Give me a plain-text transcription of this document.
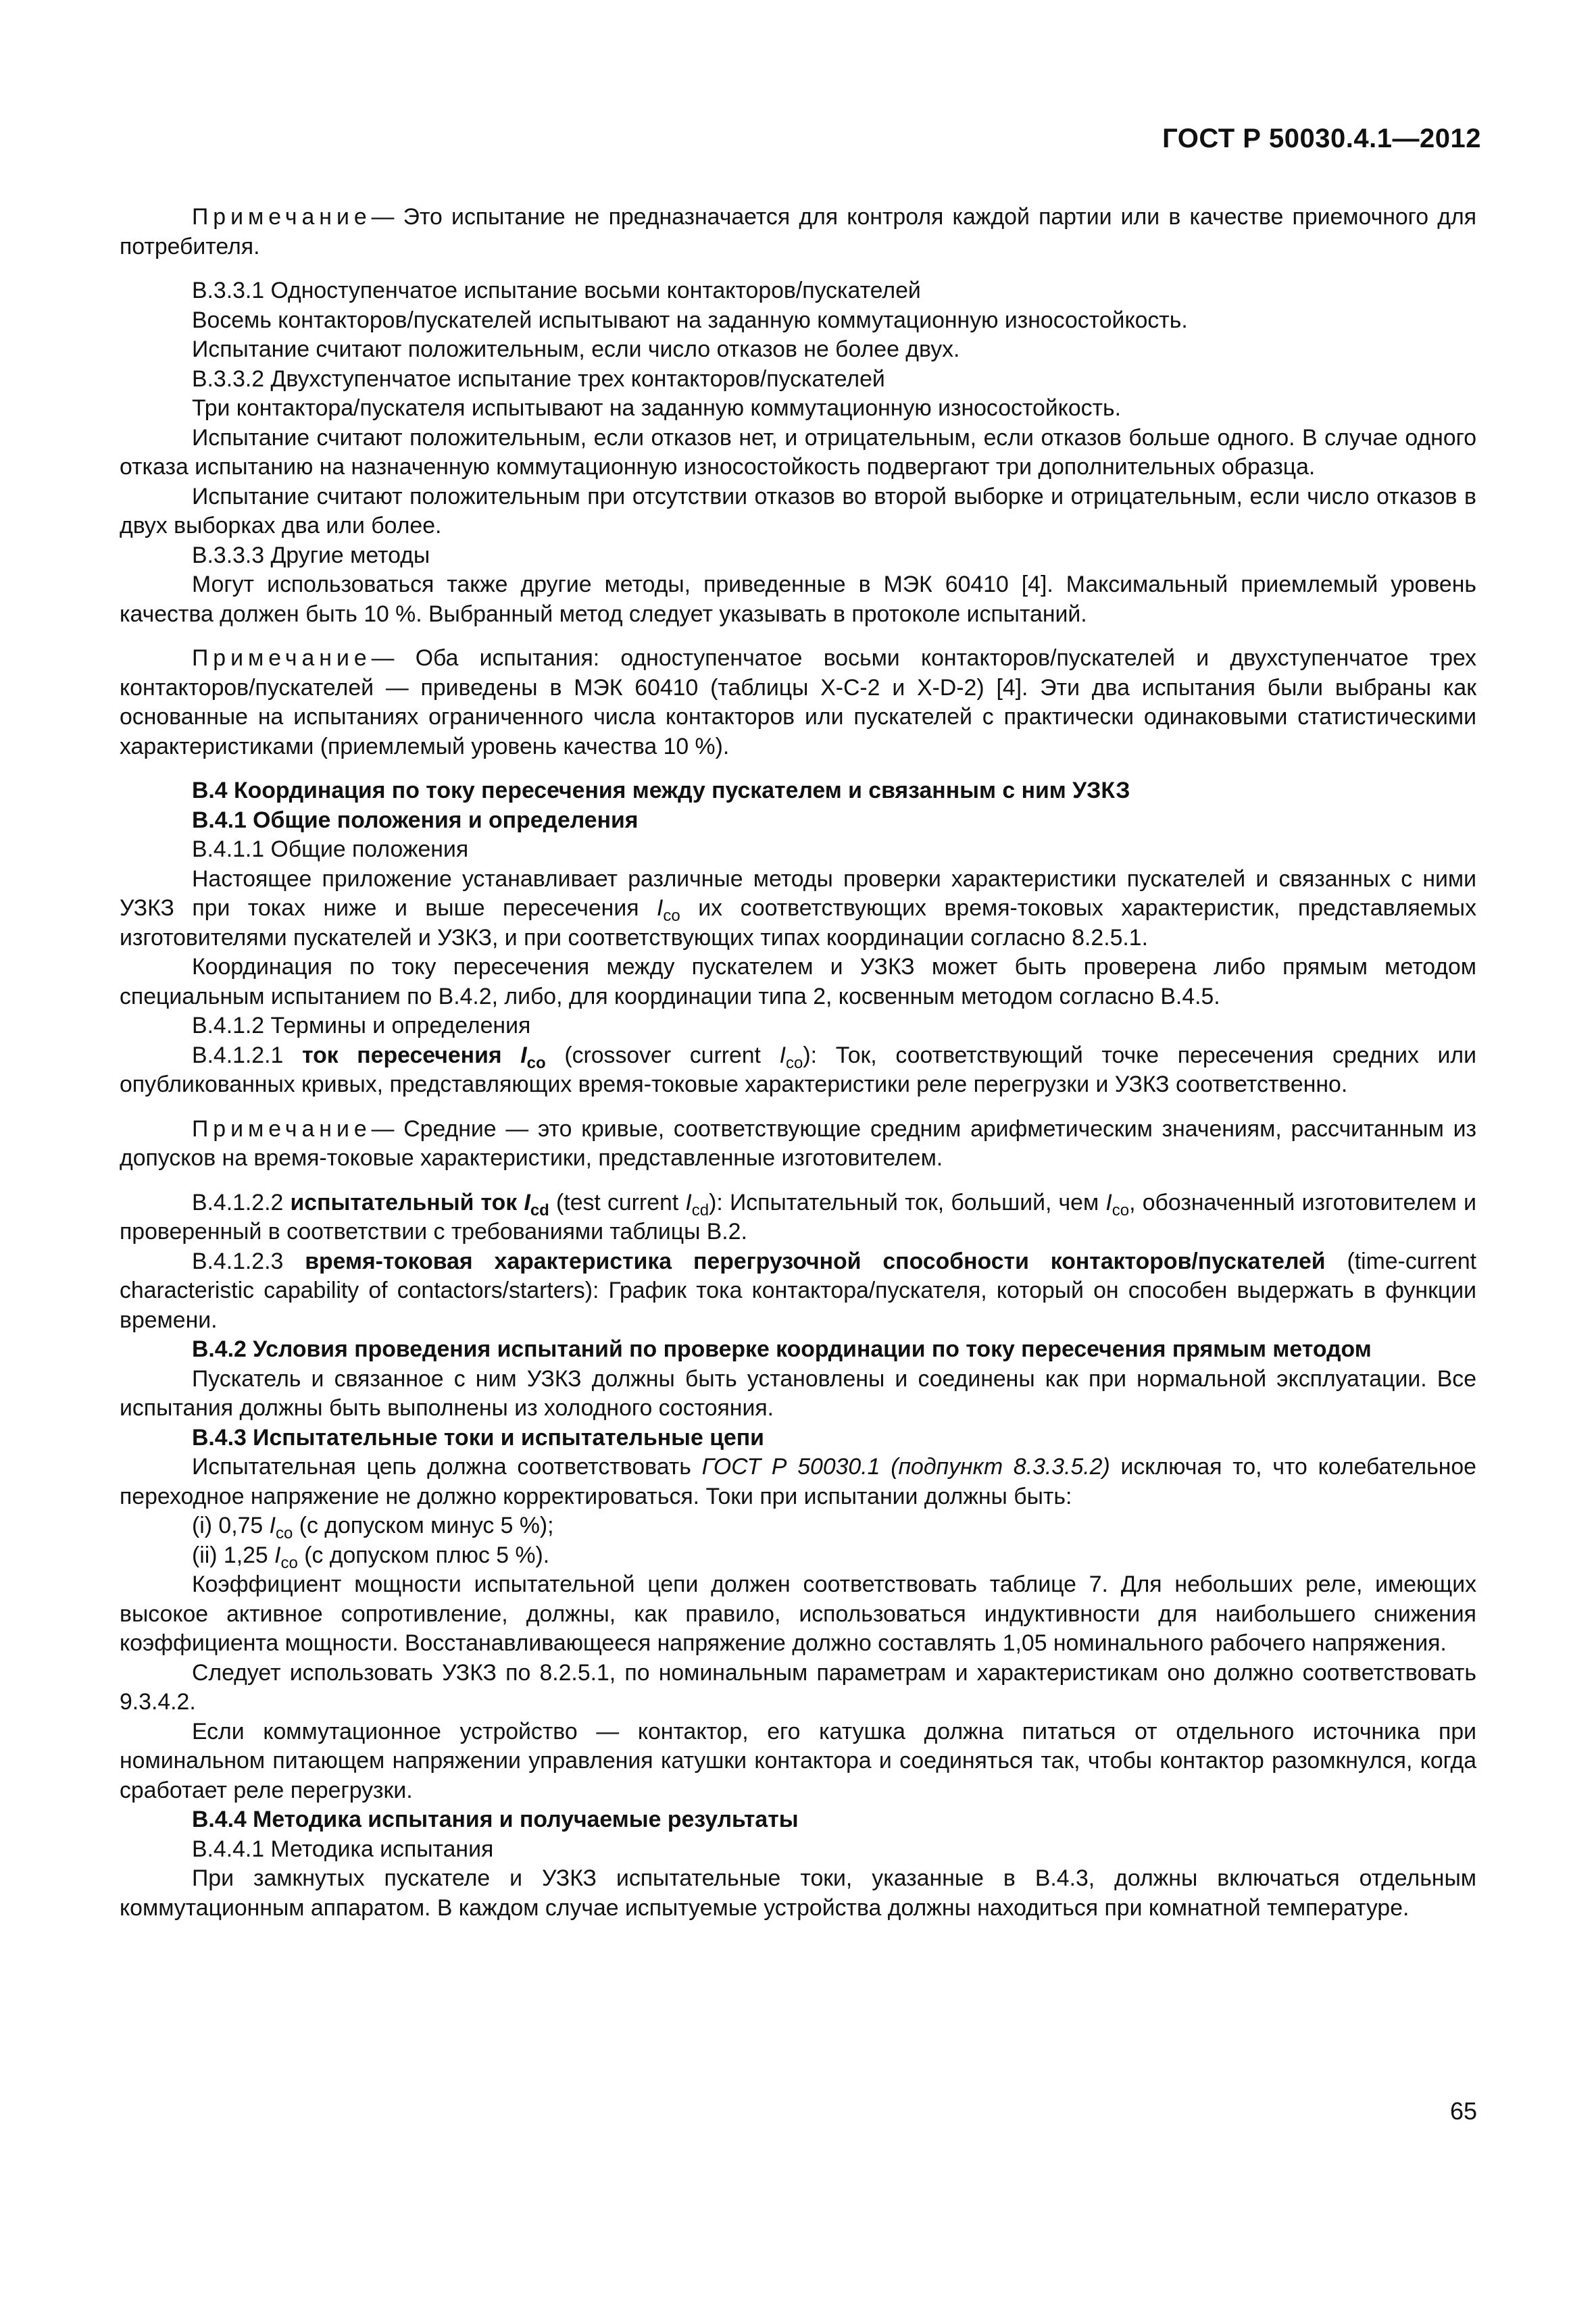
ГОСТ Р 50030.4.1—2012

Примечание— Это испытание не предназначается для контроля каждой партии или в качестве приемочного для потребителя.

В.3.3.1 Одноступенчатое испытание восьми контакторов/пускателей

Восемь контакторов/пускателей испытывают на заданную коммутационную износостойкость.

Испытание считают положительным, если число отказов не более двух.

В.3.3.2 Двухступенчатое испытание трех контакторов/пускателей

Три контактора/пускателя испытывают на заданную коммутационную износостойкость.

Испытание считают положительным, если отказов нет, и отрицательным, если отказов больше одного. В случае одного отказа испытанию на назначенную коммутационную износостойкость подвергают три дополнительных образца.

Испытание считают положительным при отсутствии отказов во второй выборке и отрицательным, если число отказов в двух выборках два или более.

В.3.3.3 Другие методы

Могут использоваться также другие методы, приведенные в МЭК 60410 [4]. Максимальный приемлемый уровень качества должен быть 10 %. Выбранный метод следует указывать в протоколе испытаний.

Примечание— Оба испытания: одноступенчатое восьми контакторов/пускателей и двухступенчатое трех контакторов/пускателей — приведены в МЭК 60410 (таблицы X-C-2 и X-D-2) [4]. Эти два испытания были выбраны как основанные на испытаниях ограниченного числа контакторов или пускателей с практически одинаковыми статистическими характеристиками (приемлемый уровень качества 10 %).

В.4 Координация по току пересечения между пускателем и связанным с ним УЗКЗ

В.4.1 Общие положения и определения

В.4.1.1 Общие положения

Настоящее приложение устанавливает различные методы проверки характеристики пускателей и связанных с ними УЗКЗ при токах ниже и выше пересечения $I_{co}$ их соответствующих время-токовых характеристик, представляемых изготовителями пускателей и УЗКЗ, и при соответствующих типах координации согласно 8.2.5.1.

Координация по току пересечения между пускателем и УЗКЗ может быть проверена либо прямым методом специальным испытанием по В.4.2, либо, для координации типа 2, косвенным методом согласно В.4.5.

В.4.1.2 Термины и определения

В.4.1.2.1 ток пересечения $I_{co}$ (crossover current $I_{co}$): Ток, соответствующий точке пересечения средних или опубликованных кривых, представляющих время-токовые характеристики реле перегрузки и УЗКЗ соответственно.

Примечание— Средние — это кривые, соответствующие средним арифметическим значениям, рассчитанным из допусков на время-токовые характеристики, представленные изготовителем.

В.4.1.2.2 испытательный ток $I_{cd}$ (test current $I_{cd}$): Испытательный ток, больший, чем $I_{co}$, обозначенный изготовителем и проверенный в соответствии с требованиями таблицы В.2.

В.4.1.2.3 время-токовая характеристика перегрузочной способности контакторов/пускателей (time-current characteristic capability of contactors/starters): График тока контактора/пускателя, который он способен выдержать в функции времени.

В.4.2 Условия проведения испытаний по проверке координации по току пересечения прямым методом

Пускатель и связанное с ним УЗКЗ должны быть установлены и соединены как при нормальной эксплуатации. Все испытания должны быть выполнены из холодного состояния.

В.4.3 Испытательные токи и испытательные цепи

Испытательная цепь должна соответствовать ГОСТ Р 50030.1 (подпункт 8.3.3.5.2) исключая то, что колебательное переходное напряжение не должно корректироваться. Токи при испытании должны быть:

(i) 0,75 $I_{co}$ (с допуском минус 5 %);

(ii) 1,25 $I_{co}$ (с допуском плюс 5 %).

Коэффициент мощности испытательной цепи должен соответствовать таблице 7. Для небольших реле, имеющих высокое активное сопротивление, должны, как правило, использоваться индуктивности для наибольшего снижения коэффициента мощности. Восстанавливающееся напряжение должно составлять 1,05 номинального рабочего напряжения.

Следует использовать УЗКЗ по 8.2.5.1, по номинальным параметрам и характеристикам оно должно соответствовать 9.3.4.2.

Если коммутационное устройство — контактор, его катушка должна питаться от отдельного источника при номинальном питающем напряжении управления катушки контактора и соединяться так, чтобы контактор разомкнулся, когда сработает реле перегрузки.

В.4.4 Методика испытания и получаемые результаты

В.4.4.1 Методика испытания

При замкнутых пускателе и УЗКЗ испытательные токи, указанные в В.4.3, должны включаться отдельным коммутационным аппаратом. В каждом случае испытуемые устройства должны находиться при комнатной температуре.

65
